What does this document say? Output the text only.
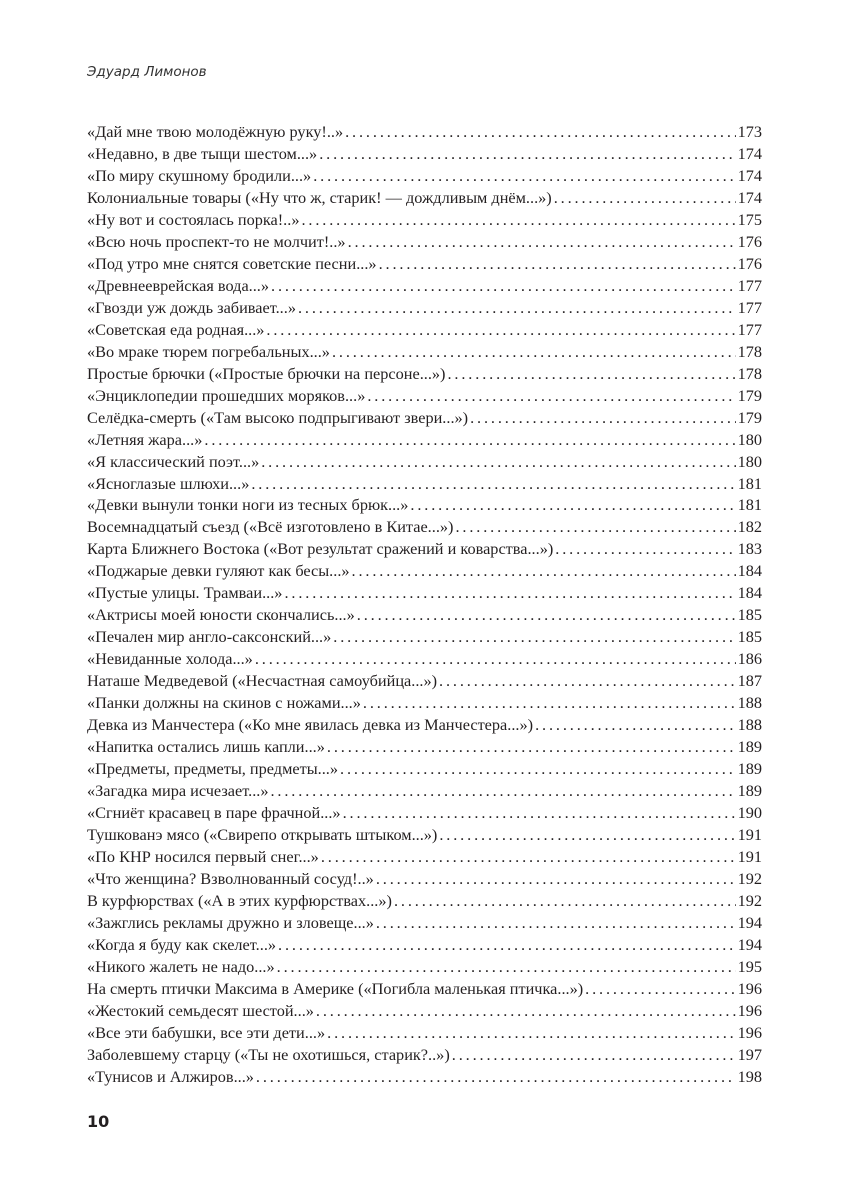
Эдуард Лимонов
«Дай мне твою молодёжную руку!..» . . .	173
«Недавно, в две тыщи шестом...» . . .	174
«По миру скушному бродили...» . . .	174
Колониальные товары («Ну что ж, старик! — дождливым днём...») . . .	174
«Ну вот и состоялась порка!..» . . .	175
«Всю ночь проспект-то не молчит!..» . . .	176
«Под утро мне снятся советские песни...» . . .	176
«Древнееврейская вода...» . . .	177
«Гвозди уж дождь забивает...» . . .	177
«Советская еда родная...» . . .	177
«Во мраке тюрем погребальных...» . . .	178
Простые брючки («Простые брючки на персоне...») . . .	178
«Энциклопедии прошедших моряков...» . . .	179
Селёдка-смерть («Там высоко подпрыгивают звери...») . . .	179
«Летняя жара...» . . .	180
«Я классический поэт...» . . .	180
«Ясноглазые шлюхи...» . . .	181
«Девки вынули тонки ноги из тесных брюк...» . . .	181
Восемнадцатый съезд («Всё изготовлено в Китае...») . . .	182
Карта Ближнего Востока («Вот результат сражений и коварства...») . . .	183
«Поджарые девки гуляют как бесы...» . . .	184
«Пустые улицы. Трамваи...» . . .	184
«Актрисы моей юности скончались...» . . .	185
«Печален мир англо-саксонский...» . . .	185
«Невиданные холода...» . . .	186
Наташе Медведевой («Несчастная самоубийца...») . . .	187
«Панки должны на скинов с ножами...» . . .	188
Девка из Манчестера («Ко мне явилась девка из Манчестера...») . . .	188
«Напитка остались лишь капли...» . . .	189
«Предметы, предметы, предметы...» . . .	189
«Загадка мира исчезает...» . . .	189
«Сгниёт красавец в паре фрачной...» . . .	190
Тушкованэ мясо («Свирепо открывать штыком...») . . .	191
«По КНР носился первый снег...» . . .	191
«Что женщина? Взволнованный сосуд!..» . . .	192
В курфюрствах («А в этих курфюрствах...») . . .	192
«Зажглись рекламы дружно и зловеще...» . . .	194
«Когда я буду как скелет...» . . .	194
«Никого жалеть не надо...» . . .	195
На смерть птички Максима в Америке («Погибла маленькая птичка...») . . .	196
«Жестокий семьдесят шестой...» . . .	196
«Все эти бабушки, все эти дети...» . . .	196
Заболевшему старцу («Ты не охотишься, старик?..») . . .	197
«Тунисов и Алжиров...» . . .	198
10
